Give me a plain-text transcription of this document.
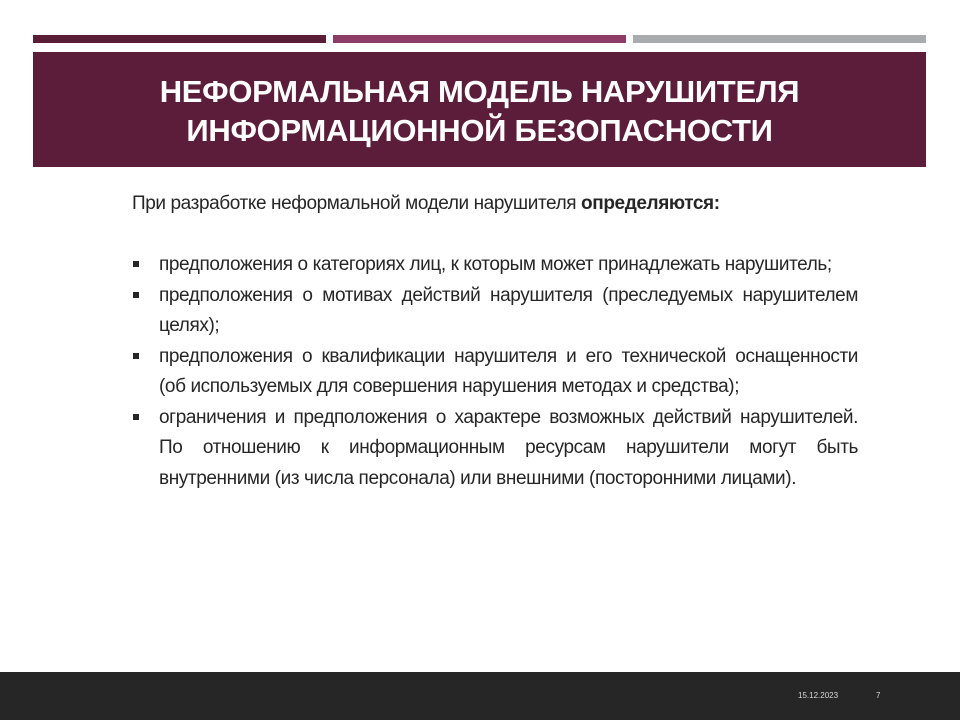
НЕФОРМАЛЬНАЯ МОДЕЛЬ НАРУШИТЕЛЯ
ИНФОРМАЦИОННОЙ БЕЗОПАСНОСТИ

При разработке неформальной модели нарушителя определяются:

предположения о категориях лиц, к которым может принадлежать нарушитель;
предположения о мотивах действий нарушителя (преследуемых нарушителем целях);
предположения о квалификации нарушителя и его технической оснащенности (об используемых для совершения нарушения методах и средства);
ограничения и предположения о характере возможных действий нарушителей. По отношению к информационным ресурсам нарушители могут быть внутренними (из числа персонала) или внешними (посторонними лицами).
15.12.2023	7
